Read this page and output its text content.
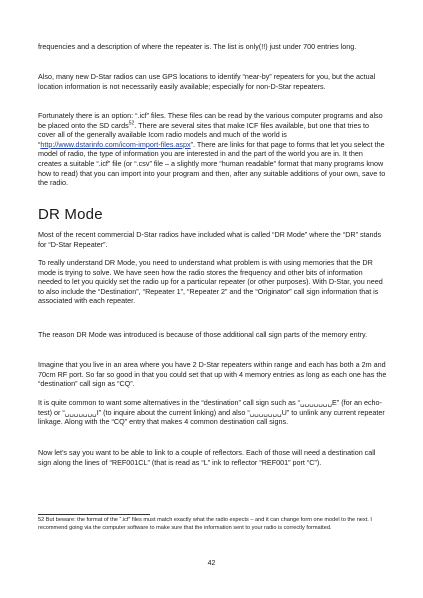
frequencies and a description of where the repeater is. The list is only(!!) just under 700 entries long.

Also, many new D-Star radios can use GPS locations to identify “near-by” repeaters for you, but the actual location information is not necessarily easily available; especially for non-D-Star repeaters.

Fortunately there is an option: “.icf” files. These files can be read by the various computer programs and also be placed onto the SD cards$^{52}$. There are several sites that make ICF files available, but one that tries to cover all of the generally available Icom radio models and much of the world is “http://www.dstarinfo.com/icom-import-files.aspx”. There are links for that page to forms that let you select the model of radio, the type of information you are interested in and the part of the world you are in. It then creates a suitable “.icf” file (or “.csv” file – a slightly more “human readable” format that many programs know how to read) that you can import into your program and then, after any suitable additions of your own, save to the radio.

DR Mode

Most of the recent commercial D-Star radios have included what is called “DR Mode” where the “DR” stands for “D-Star Repeater”.

To really understand DR Mode, you need to understand what problem is with using memories that the DR mode is trying to solve. We have seen how the radio stores the frequency and other bits of information needed to let you quickly set the radio up for a particular repeater (or other purposes). With D-Star, you need to also include the “Destination”, “Repeater 1”, “Repeater 2” and the “Originator” call sign information that is associated with each repeater.

The reason DR Mode was introduced is because of those additional call sign parts of the memory entry.

Imagine that you live in an area where you have 2 D-Star repeaters within range and each has both a 2m and 70cm RF port. So far so good in that you could set that up with 4 memory entries as long as each one has the “destination” call sign as “CQ”.

It is quite common to want some alternatives in the “destination” call sign such as “␣␣␣␣␣␣␣E” (for an echo-test) or “␣␣␣␣␣␣␣I” (to inquire about the current linking) and also “␣␣␣␣␣␣␣U” to unlink any current repeater linkage. Along with the “CQ” entry that makes 4 common destination call signs.

Now let’s say you want to be able to link to a couple of reflectors. Each of those will need a destination call sign along the lines of “REF001CL” (that is read as “L” ink to reflector “REF001” port “C”).

52 But beware: the format of the “.icf” files must match exactly what the radio expects – and it can change form one model to the next. I recommend going via the computer software to make sure that the information sent to your radio is correctly formatted.

42
